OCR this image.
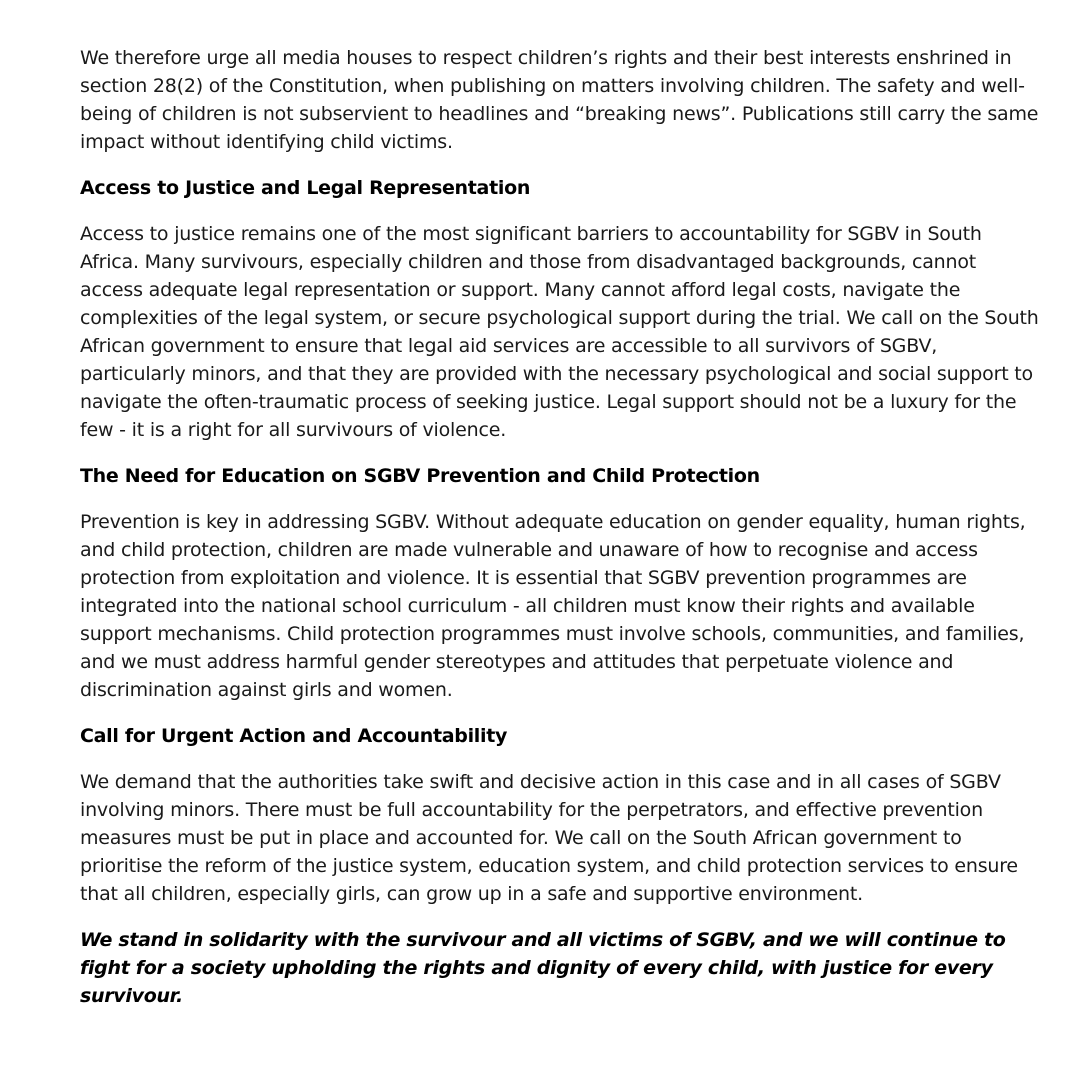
We therefore urge all media houses to respect children’s rights and their best interests enshrined in section 28(2) of the Constitution, when publishing on matters involving children. The safety and well-being of children is not subservient to headlines and “breaking news”. Publications still carry the same impact without identifying child victims.

Access to Justice and Legal Representation

Access to justice remains one of the most significant barriers to accountability for SGBV in South Africa. Many survivours, especially children and those from disadvantaged backgrounds, cannot access adequate legal representation or support. Many cannot afford legal costs, navigate the complexities of the legal system, or secure psychological support during the trial. We call on the South African government to ensure that legal aid services are accessible to all survivors of SGBV, particularly minors, and that they are provided with the necessary psychological and social support to navigate the often-traumatic process of seeking justice. Legal support should not be a luxury for the few - it is a right for all survivours of violence.

The Need for Education on SGBV Prevention and Child Protection

Prevention is key in addressing SGBV. Without adequate education on gender equality, human rights, and child protection, children are made vulnerable and unaware of how to recognise and access protection from exploitation and violence. It is essential that SGBV prevention programmes are integrated into the national school curriculum - all children must know their rights and available support mechanisms. Child protection programmes must involve schools, communities, and families, and we must address harmful gender stereotypes and attitudes that perpetuate violence and discrimination against girls and women.

Call for Urgent Action and Accountability

We demand that the authorities take swift and decisive action in this case and in all cases of SGBV involving minors. There must be full accountability for the perpetrators, and effective prevention measures must be put in place and accounted for. We call on the South African government to prioritise the reform of the justice system, education system, and child protection services to ensure that all children, especially girls, can grow up in a safe and supportive environment.

We stand in solidarity with the survivour and all victims of SGBV, and we will continue to fight for a society upholding the rights and dignity of every child, with justice for every survivour.
